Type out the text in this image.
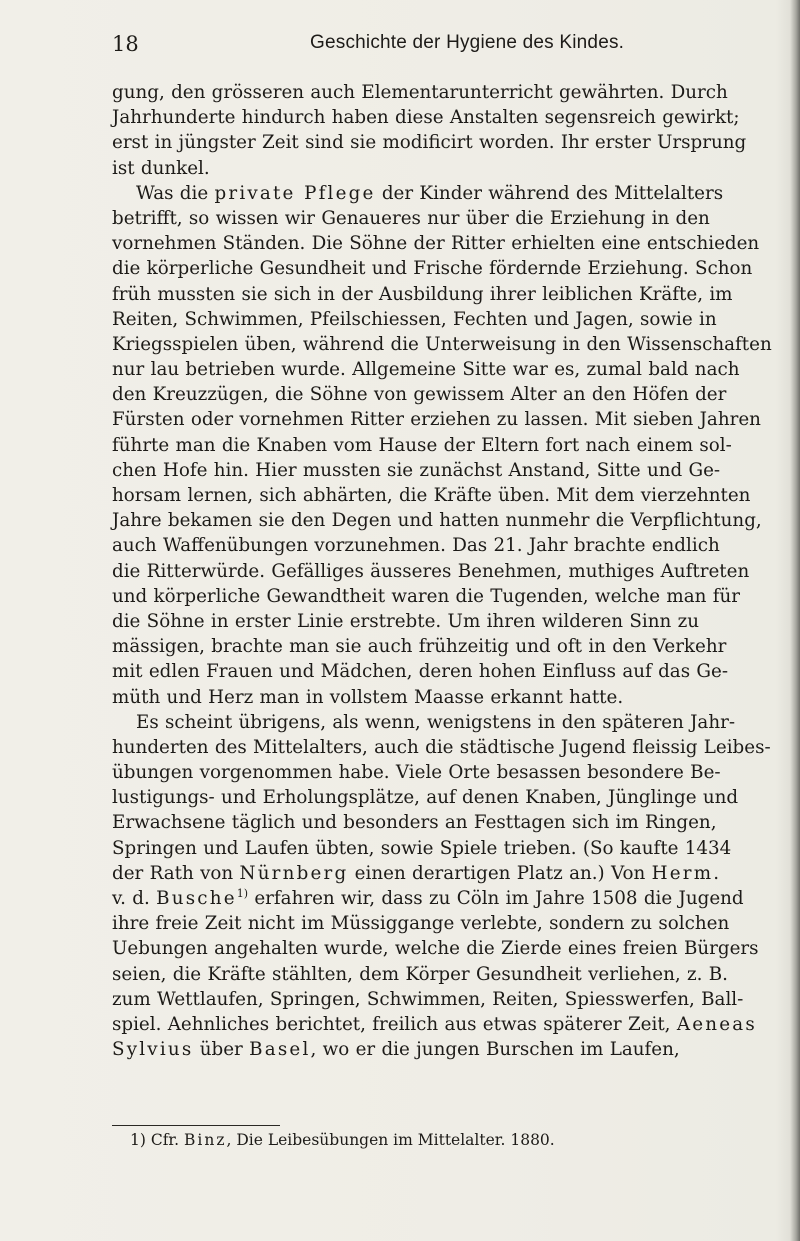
18	Geschichte der Hygiene des Kindes.
gung, den grösseren auch Elementarunterricht gewährten. Durch
Jahrhunderte hindurch haben diese Anstalten segensreich gewirkt;
erst in jüngster Zeit sind sie modificirt worden. Ihr erster Ursprung
ist dunkel.
Was die private Pflege der Kinder während des Mittelalters
betrifft, so wissen wir Genaueres nur über die Erziehung in den
vornehmen Ständen. Die Söhne der Ritter erhielten eine entschieden
die körperliche Gesundheit und Frische fördernde Erziehung. Schon
früh mussten sie sich in der Ausbildung ihrer leiblichen Kräfte, im
Reiten, Schwimmen, Pfeilschiessen, Fechten und Jagen, sowie in
Kriegsspielen üben, während die Unterweisung in den Wissenschaften
nur lau betrieben wurde. Allgemeine Sitte war es, zumal bald nach
den Kreuzzügen, die Söhne von gewissem Alter an den Höfen der
Fürsten oder vornehmen Ritter erziehen zu lassen. Mit sieben Jahren
führte man die Knaben vom Hause der Eltern fort nach einem sol-
chen Hofe hin. Hier mussten sie zunächst Anstand, Sitte und Ge-
horsam lernen, sich abhärten, die Kräfte üben. Mit dem vierzehnten
Jahre bekamen sie den Degen und hatten nunmehr die Verpflichtung,
auch Waffenübungen vorzunehmen. Das 21. Jahr brachte endlich
die Ritterwürde. Gefälliges äusseres Benehmen, muthiges Auftreten
und körperliche Gewandtheit waren die Tugenden, welche man für
die Söhne in erster Linie erstrebte. Um ihren wilderen Sinn zu
mässigen, brachte man sie auch frühzeitig und oft in den Verkehr
mit edlen Frauen und Mädchen, deren hohen Einfluss auf das Ge-
müth und Herz man in vollstem Maasse erkannt hatte.
Es scheint übrigens, als wenn, wenigstens in den späteren Jahr-
hunderten des Mittelalters, auch die städtische Jugend fleissig Leibes-
übungen vorgenommen habe. Viele Orte besassen besondere Be-
lustigungs- und Erholungsplätze, auf denen Knaben, Jünglinge und
Erwachsene täglich und besonders an Festtagen sich im Ringen,
Springen und Laufen übten, sowie Spiele trieben. (So kaufte 1434
der Rath von Nürnberg einen derartigen Platz an.) Von Herm.
v. d. Busche$^{1)}$ erfahren wir, dass zu Cöln im Jahre 1508 die Jugend
ihre freie Zeit nicht im Müssiggange verlebte, sondern zu solchen
Uebungen angehalten wurde, welche die Zierde eines freien Bürgers
seien, die Kräfte stählten, dem Körper Gesundheit verliehen, z. B.
zum Wettlaufen, Springen, Schwimmen, Reiten, Spiesswerfen, Ball-
spiel. Aehnliches berichtet, freilich aus etwas späterer Zeit, Aeneas
Sylvius über Basel, wo er die jungen Burschen im Laufen,
1) Cfr. Binz, Die Leibesübungen im Mittelalter. 1880.
